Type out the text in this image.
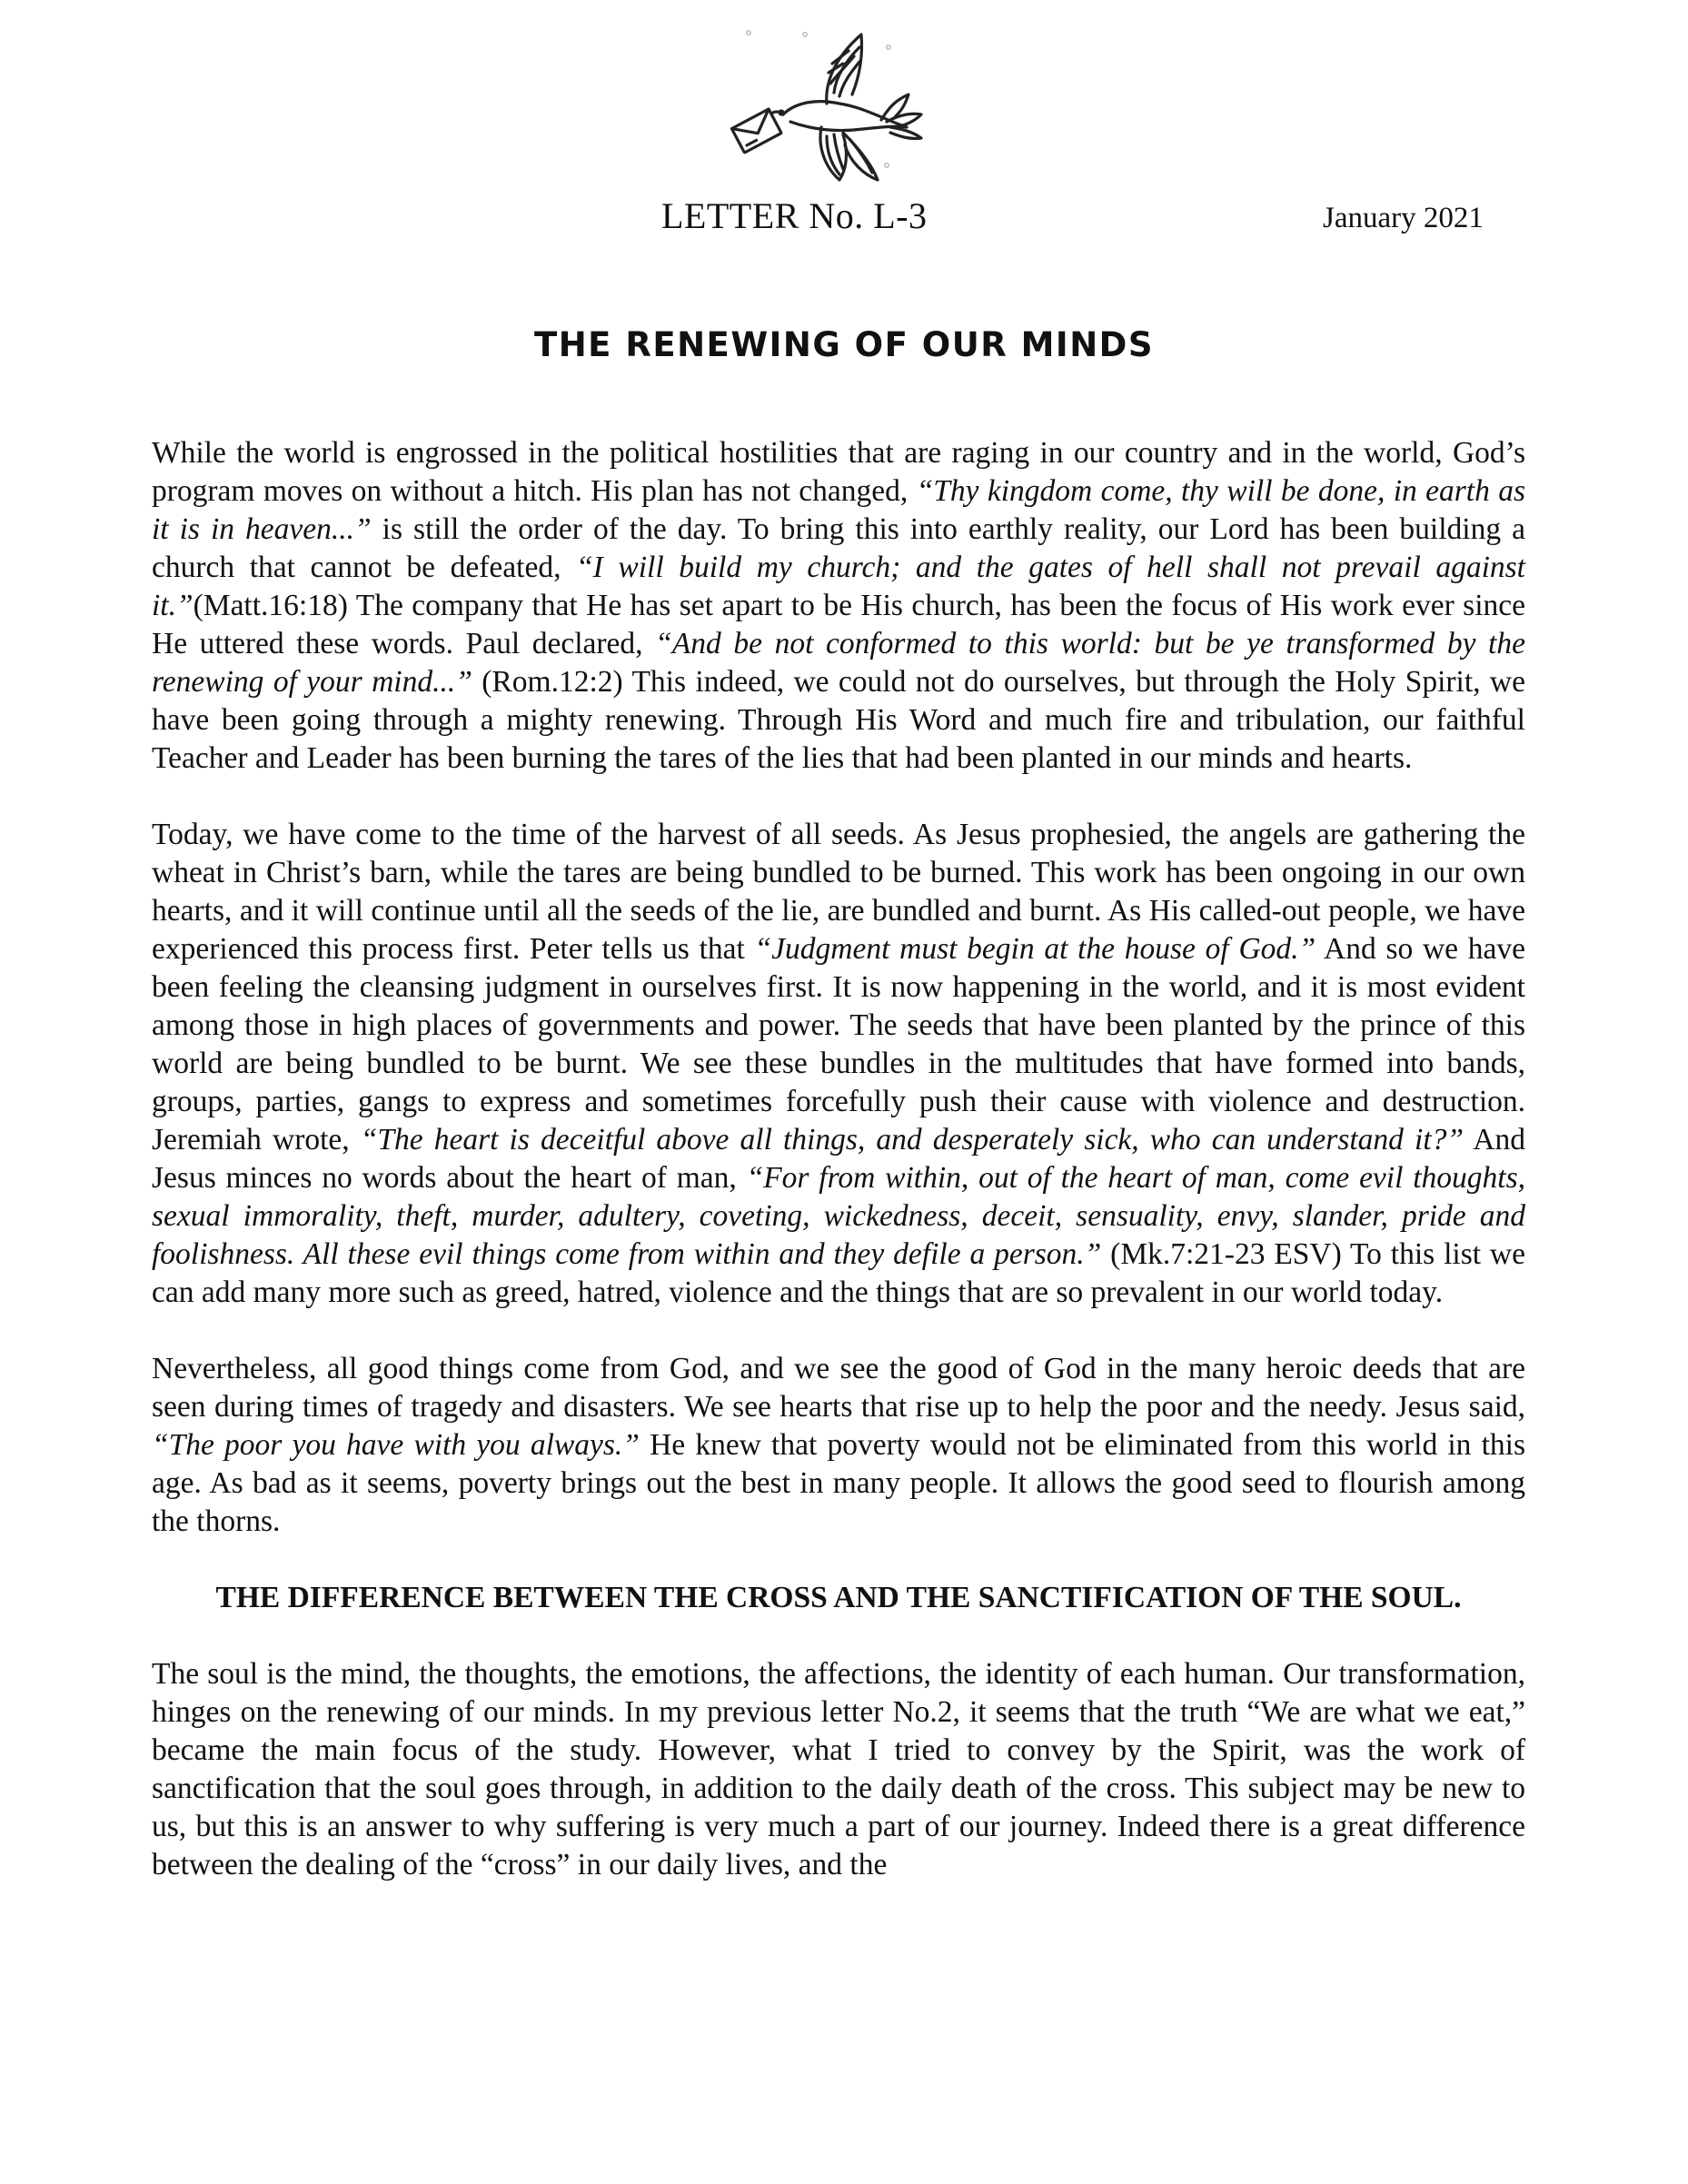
LETTER No. L-3	January 2021
THE RENEWING OF OUR MINDS

While the world is engrossed in the political hostilities that are raging in our country and in the world, God’s program moves on without a hitch. His plan has not changed, “Thy kingdom come, thy will be done, in earth as it is in heaven...” is still the order of the day. To bring this into earthly reality, our Lord has been building a church that cannot be defeated, “I will build my church; and the gates of hell shall not prevail against it.”(Matt.16:18) The company that He has set apart to be His church, has been the focus of His work ever since He uttered these words. Paul declared, “And be not conformed to this world: but be ye transformed by the renewing of your mind...” (Rom.12:2) This indeed, we could not do ourselves, but through the Holy Spirit, we have been going through a mighty renewing. Through His Word and much fire and tribulation, our faithful Teacher and Leader has been burning the tares of the lies that had been planted in our minds and hearts.

Today, we have come to the time of the harvest of all seeds. As Jesus prophesied, the angels are gathering the wheat in Christ’s barn, while the tares are being bundled to be burned. This work has been ongoing in our own hearts, and it will continue until all the seeds of the lie, are bundled and burnt. As His called-out people, we have experienced this process first. Peter tells us that “Judgment must begin at the house of God.” And so we have been feeling the cleansing judgment in ourselves first. It is now happening in the world, and it is most evident among those in high places of governments and power. The seeds that have been planted by the prince of this world are being bundled to be burnt. We see these bundles in the multitudes that have formed into bands, groups, parties, gangs to express and sometimes forcefully push their cause with violence and destruction. Jeremiah wrote, “The heart is deceitful above all things, and desperately sick, who can understand it?” And Jesus minces no words about the heart of man, “For from within, out of the heart of man, come evil thoughts, sexual immorality, theft, murder, adultery, coveting, wickedness, deceit, sensuality, envy, slander, pride and foolishness. All these evil things come from within and they defile a person.” (Mk.7:21-23 ESV) To this list we can add many more such as greed, hatred, violence and the things that are so prevalent in our world today.

Nevertheless, all good things come from God, and we see the good of God in the many heroic deeds that are seen during times of tragedy and disasters. We see hearts that rise up to help the poor and the needy. Jesus said, “The poor you have with you always.” He knew that poverty would not be eliminated from this world in this age. As bad as it seems, poverty brings out the best in many people. It allows the good seed to flourish among the thorns.

THE DIFFERENCE BETWEEN THE CROSS AND THE SANCTIFICATION OF THE SOUL.

The soul is the mind, the thoughts, the emotions, the affections, the identity of each human. Our transformation, hinges on the renewing of our minds. In my previous letter No.2, it seems that the truth “We are what we eat,” became the main focus of the study. However, what I tried to convey by the Spirit, was the work of sanctification that the soul goes through, in addition to the daily death of the cross. This subject may be new to us, but this is an answer to why suffering is very much a part of our journey. Indeed there is a great difference between the dealing of the “cross” in our daily lives, and the
